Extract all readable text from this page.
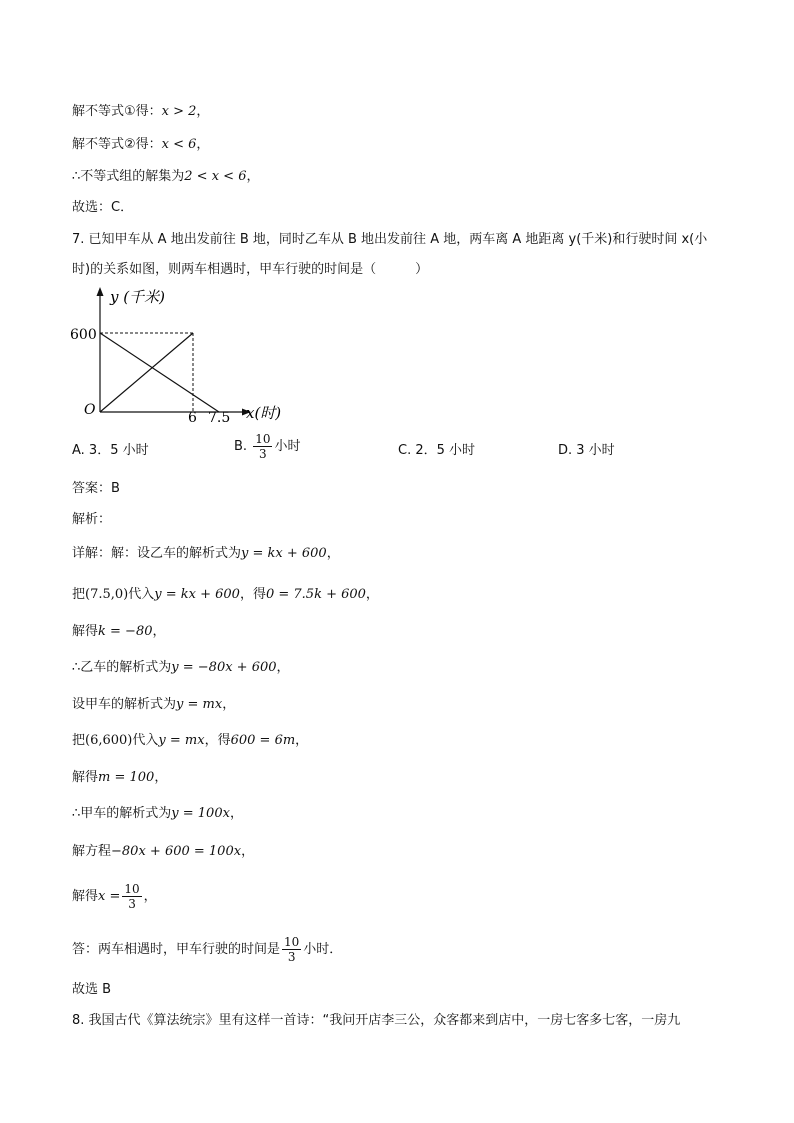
解不等式①得：x > 2，
解不等式②得：x < 6，
∴不等式组的解集为2 < x < 6，
故选：C．
7. 已知甲车从 A 地出发前往 B 地，同时乙车从 B 地出发前往 A 地，两车离 A 地距离 y(千米)和行驶时间 x(小
时)的关系如图，则两车相遇时，甲车行驶的时间是（　　　）
y (千米)
600
O	6 7.5 x(时)
A. 3．5 小时	B. $\frac{10}{3}$ 小时	C. 2．5 小时	D. 3 小时
答案：B
解析：
详解：解：设乙车的解析式为y = kx + 600，
把(7.5,0)代入y = kx + 600，得0 = 7.5k + 600，
解得k = −80，
∴乙车的解析式为y = −80x + 600，
设甲车的解析式为y = mx，
把(6,600)代入y = mx，得600 = 6m，
解得m = 100，
∴甲车的解析式为y = 100x，
解方程−80x + 600 = 100x，
解得$x = \frac{10}{3}$ ，
答：两车相遇时，甲车行驶的时间是 $\frac{10}{3}$ 小时．
故选 B
8. 我国古代《算法统宗》里有这样一首诗：“我问开店李三公，众客都来到店中，一房七客多七客，一房九
